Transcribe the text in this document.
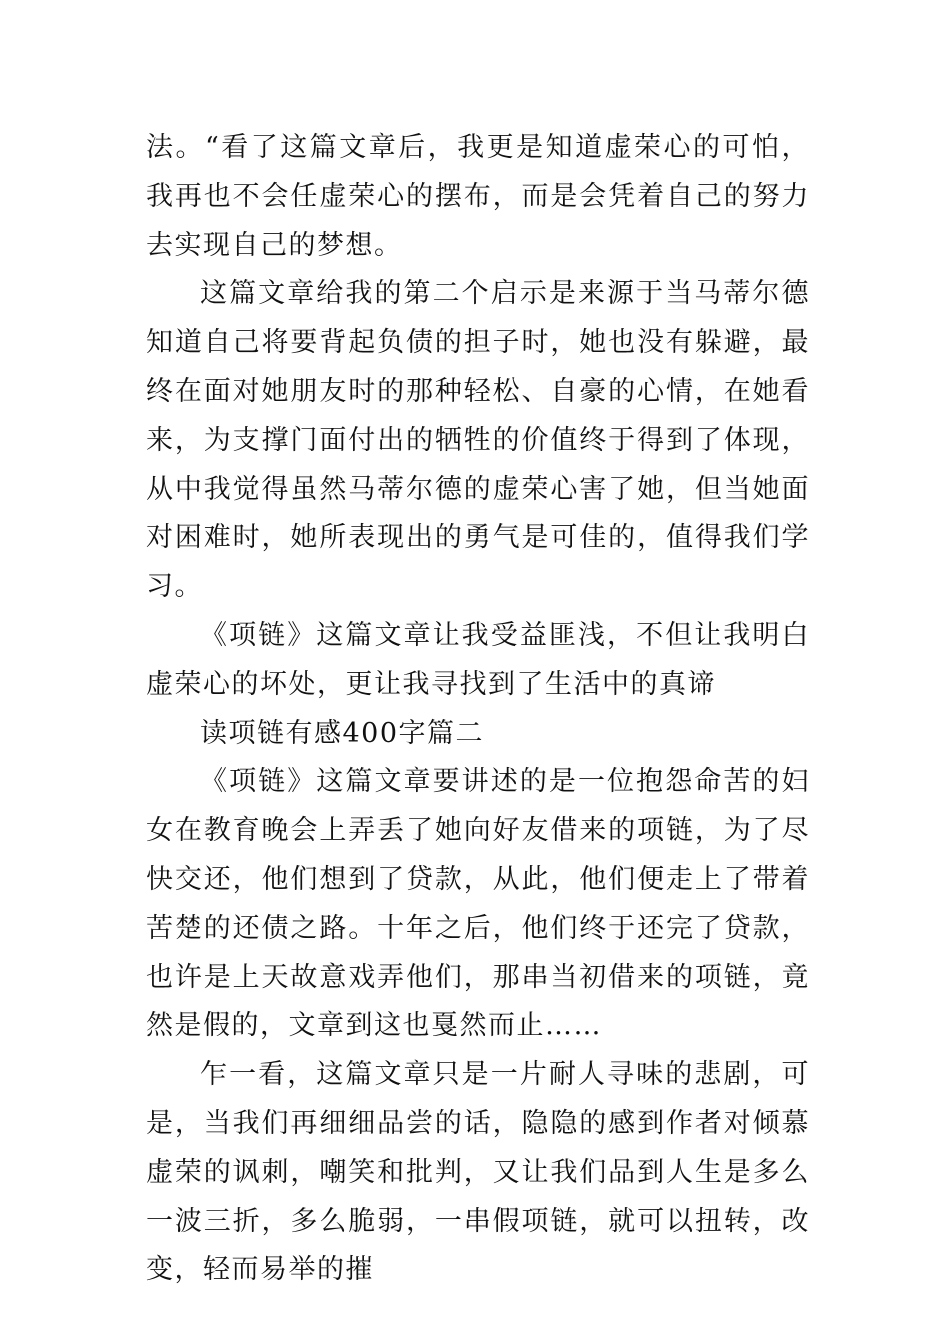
法。“看了这篇文章后，我更是知道虚荣心的可怕，我再也不会任虚荣心的摆布，而是会凭着自己的努力去实现自己的梦想。

这篇文章给我的第二个启示是来源于当马蒂尔德知道自己将要背起负债的担子时，她也没有躲避，最终在面对她朋友时的那种轻松、自豪的心情，在她看来，为支撑门面付出的牺牲的价值终于得到了体现，从中我觉得虽然马蒂尔德的虚荣心害了她，但当她面对困难时，她所表现出的勇气是可佳的，值得我们学习。

《项链》这篇文章让我受益匪浅，不但让我明白虚荣心的坏处，更让我寻找到了生活中的真谛

读项链有感400字篇二

《项链》这篇文章要讲述的是一位抱怨命苦的妇女在教育晚会上弄丢了她向好友借来的项链，为了尽快交还，他们想到了贷款，从此，他们便走上了带着苦楚的还债之路。十年之后，他们终于还完了贷款，也许是上天故意戏弄他们，那串当初借来的项链，竟然是假的，文章到这也戛然而止……

乍一看，这篇文章只是一片耐人寻味的悲剧，可是，当我们再细细品尝的话，隐隐的感到作者对倾慕虚荣的讽刺，嘲笑和批判，又让我们品到人生是多么一波三折，多么脆弱，一串假项链，就可以扭转，改变，轻而易举的摧
